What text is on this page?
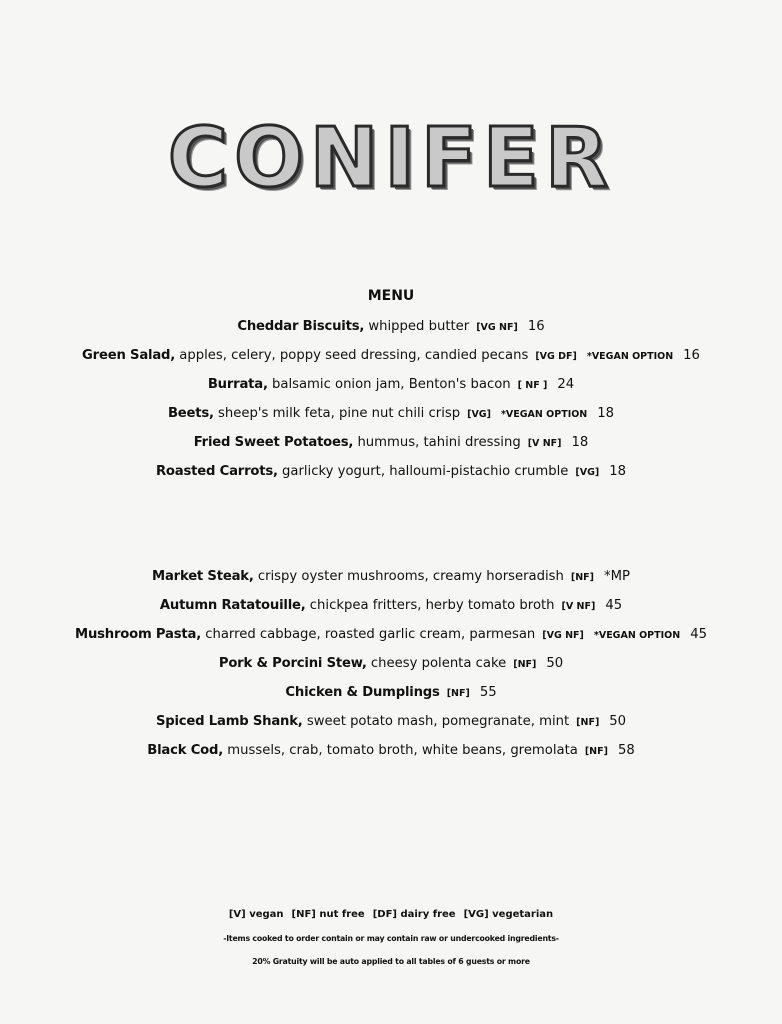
CONIFER
MENU
Cheddar Biscuits, whipped butter [VG NF] 16
Green Salad, apples, celery, poppy seed dressing, candied pecans [VG DF] *VEGAN OPTION 16
Burrata, balsamic onion jam, Benton's bacon [ NF ] 24
Beets, sheep's milk feta, pine nut chili crisp [VG] *VEGAN OPTION 18
Fried Sweet Potatoes, hummus, tahini dressing [V NF] 18
Roasted Carrots, garlicky yogurt, halloumi-pistachio crumble [VG] 18
Market Steak, crispy oyster mushrooms, creamy horseradish [NF] *MP
Autumn Ratatouille, chickpea fritters, herby tomato broth [V NF] 45
Mushroom Pasta, charred cabbage, roasted garlic cream, parmesan [VG NF] *VEGAN OPTION 45
Pork & Porcini Stew, cheesy polenta cake [NF] 50
Chicken & Dumplings [NF] 55
Spiced Lamb Shank, sweet potato mash, pomegranate, mint [NF] 50
Black Cod, mussels, crab, tomato broth, white beans, gremolata [NF] 58
[V] vegan [NF] nut free [DF] dairy free [VG] vegetarian
-Items cooked to order contain or may contain raw or undercooked ingredients-
20% Gratuity will be auto applied to all tables of 6 guests or more
